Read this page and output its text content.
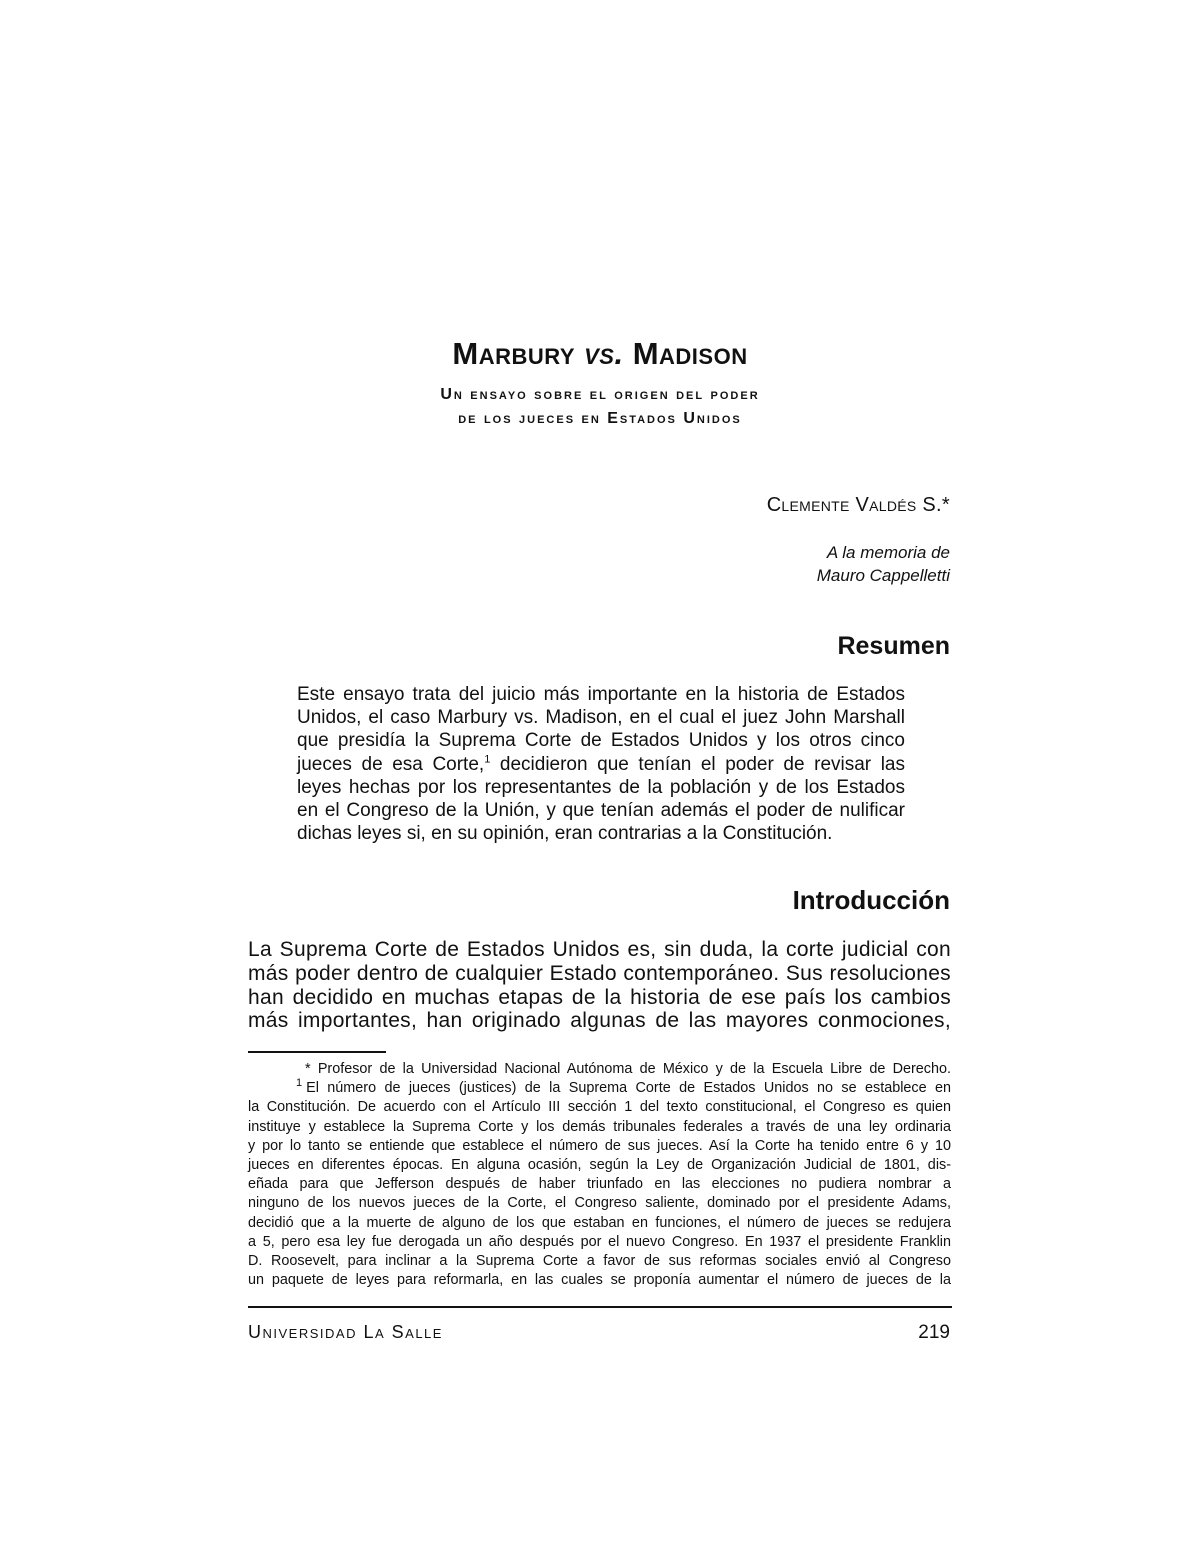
Marbury vs. Madison
Un ensayo sobre el origen del poder
de los jueces en Estados Unidos
Clemente Valdés S.*
A la memoria de
Mauro Cappelletti
Resumen
Este ensayo trata del juicio más importante en la historia de Estados
Unidos, el caso Marbury vs. Madison, en el cual el juez John Marshall
que presidía la Suprema Corte de Estados Unidos y los otros cinco
jueces de esa Corte,$^1$ decidieron que tenían el poder de revisar las
leyes hechas por los representantes de la población y de los Estados
en el Congreso de la Unión, y que tenían además el poder de nulificar
dichas leyes si, en su opinión, eran contrarias a la Constitución.
Introducción
La Suprema Corte de Estados Unidos es, sin duda, la corte judicial con
más poder dentro de cualquier Estado contemporáneo. Sus resoluciones
han decidido en muchas etapas de la historia de ese país los cambios
más importantes, han originado algunas de las mayores conmociones,
* Profesor de la Universidad Nacional Autónoma de México y de la Escuela Libre de Derecho.
$^1$ El número de jueces (justices) de la Suprema Corte de Estados Unidos no se establece en
la Constitución. De acuerdo con el Artículo III sección 1 del texto constitucional, el Congreso es quien
instituye y establece la Suprema Corte y los demás tribunales federales a través de una ley ordinaria
y por lo tanto se entiende que establece el número de sus jueces. Así la Corte ha tenido entre 6 y 10
jueces en diferentes épocas. En alguna ocasión, según la Ley de Organización Judicial de 1801, dis-
eñada para que Jefferson después de haber triunfado en las elecciones no pudiera nombrar a
ninguno de los nuevos jueces de la Corte, el Congreso saliente, dominado por el presidente Adams,
decidió que a la muerte de alguno de los que estaban en funciones, el número de jueces se redujera
a 5, pero esa ley fue derogada un año después por el nuevo Congreso. En 1937 el presidente Franklin
D. Roosevelt, para inclinar a la Suprema Corte a favor de sus reformas sociales envió al Congreso
un paquete de leyes para reformarla, en las cuales se proponía aumentar el número de jueces de la
Universidad La Salle	219
